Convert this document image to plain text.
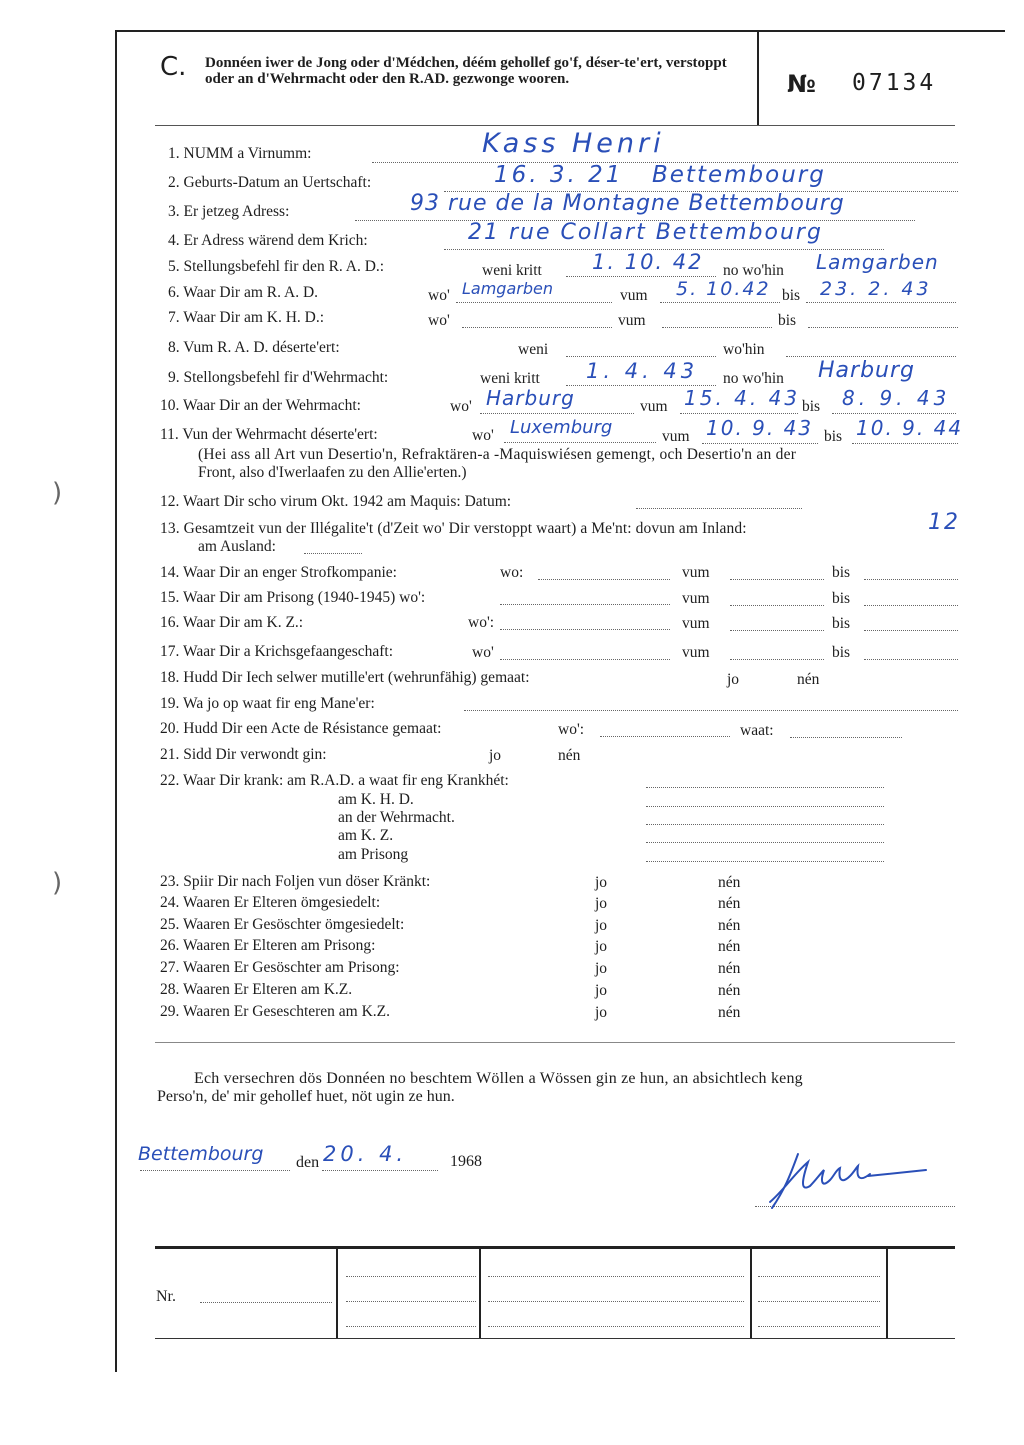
)
)
C. Donnéen iwer de Jong oder d'Médchen, déém gehollef go'f, déser-te'ert, verstoppt oder an d'Wehrmacht oder den R.AD. gezwonge wooren.	№ 07134
1. NUMM a Virnumm:	Kass Henri
2. Geburts-Datum an Uertschaft:	16. 3. 21 Bettembourg
3. Er jetzeg Adress:	93 rue de la Montagne Bettembourg
4. Er Adress wärend dem Krich:	21 rue Collart Bettembourg
5. Stellungsbefehl fir den R. A. D.:	weni kritt 1. 10. 42 no wo'hin Lamgarben
6. Waar Dir am R. A. D.	wo' Lamgarben	vum 5. 10.42 bis 23. 2. 43
7. Waar Dir am K. H. D.:	wo'	vum	bis
8. Vum R. A. D. déserte'ert:	weni	wo'hin
9. Stellongsbefehl fir d'Wehrmacht:	weni kritt 1. 4. 43 no wo'hin Harburg
10. Waar Dir an der Wehrmacht:	wo' Harburg	vum 15. 4. 43 bis 8. 9. 43
11. Vun der Wehrmacht déserte'ert:	wo' Luxemburg	vum 10. 9. 43 bis 10. 9. 44
(Hei ass all Art vun Desertio'n, Refraktären-a -Maquiswiésen gemengt, och Desertio'n an der
Front, also d'Iwerlaafen zu den Allie'erten.)
12. Waart Dir scho virum Okt. 1942 am Maquis: Datum:
13. Gesamtzeit vun der Illégalite't (d'Zeit wo' Dir verstoppt waart) a Me'nt: dovun am Inland:	12
am Ausland:
14. Waar Dir an enger Strofkompanie:	wo:	vum	bis
15. Waar Dir am Prisong (1940-1945) wo':	vum	bis
16. Waar Dir am K. Z.:	wo':	vum	bis
17. Waar Dir a Krichsgefaangeschaft:	wo'	vum	bis
18. Hudd Dir Iech selwer mutille'ert (wehrunfähig) gemaat:	jo	nén
19. Wa jo op waat fir eng Mane'er:
20. Hudd Dir een Acte de Résistance gemaat:	wo':	waat:
21. Sidd Dir verwondt gin:	jo	nén
22. Waar Dir krank: am R.A.D. a waat fir eng Krankhét:
am K. H. D.
an der Wehrmacht.
am K. Z.
am Prisong
23. Spiir Dir nach Foljen vun döser Kränkt:	jo	nén
24. Waaren Er Elteren ömgesiedelt:	jo	nén
25. Waaren Er Gesöschter ömgesiedelt:	jo	nén
26. Waaren Er Elteren am Prisong:	jo	nén
27. Waaren Er Gesöschter am Prisong:	jo	nén
28. Waaren Er Elteren am K.Z.	jo	nén
29. Waaren Er Geseschteren am K.Z.	jo	nén
Ech versechren dös Donnéen no beschtem Wöllen a Wössen gin ze hun, an absichtlech keng
Perso'n, de' mir gehollef huet, nöt ugin ze hun.
Bettembourg den 20. 4.	1968
Kass
Nr.
